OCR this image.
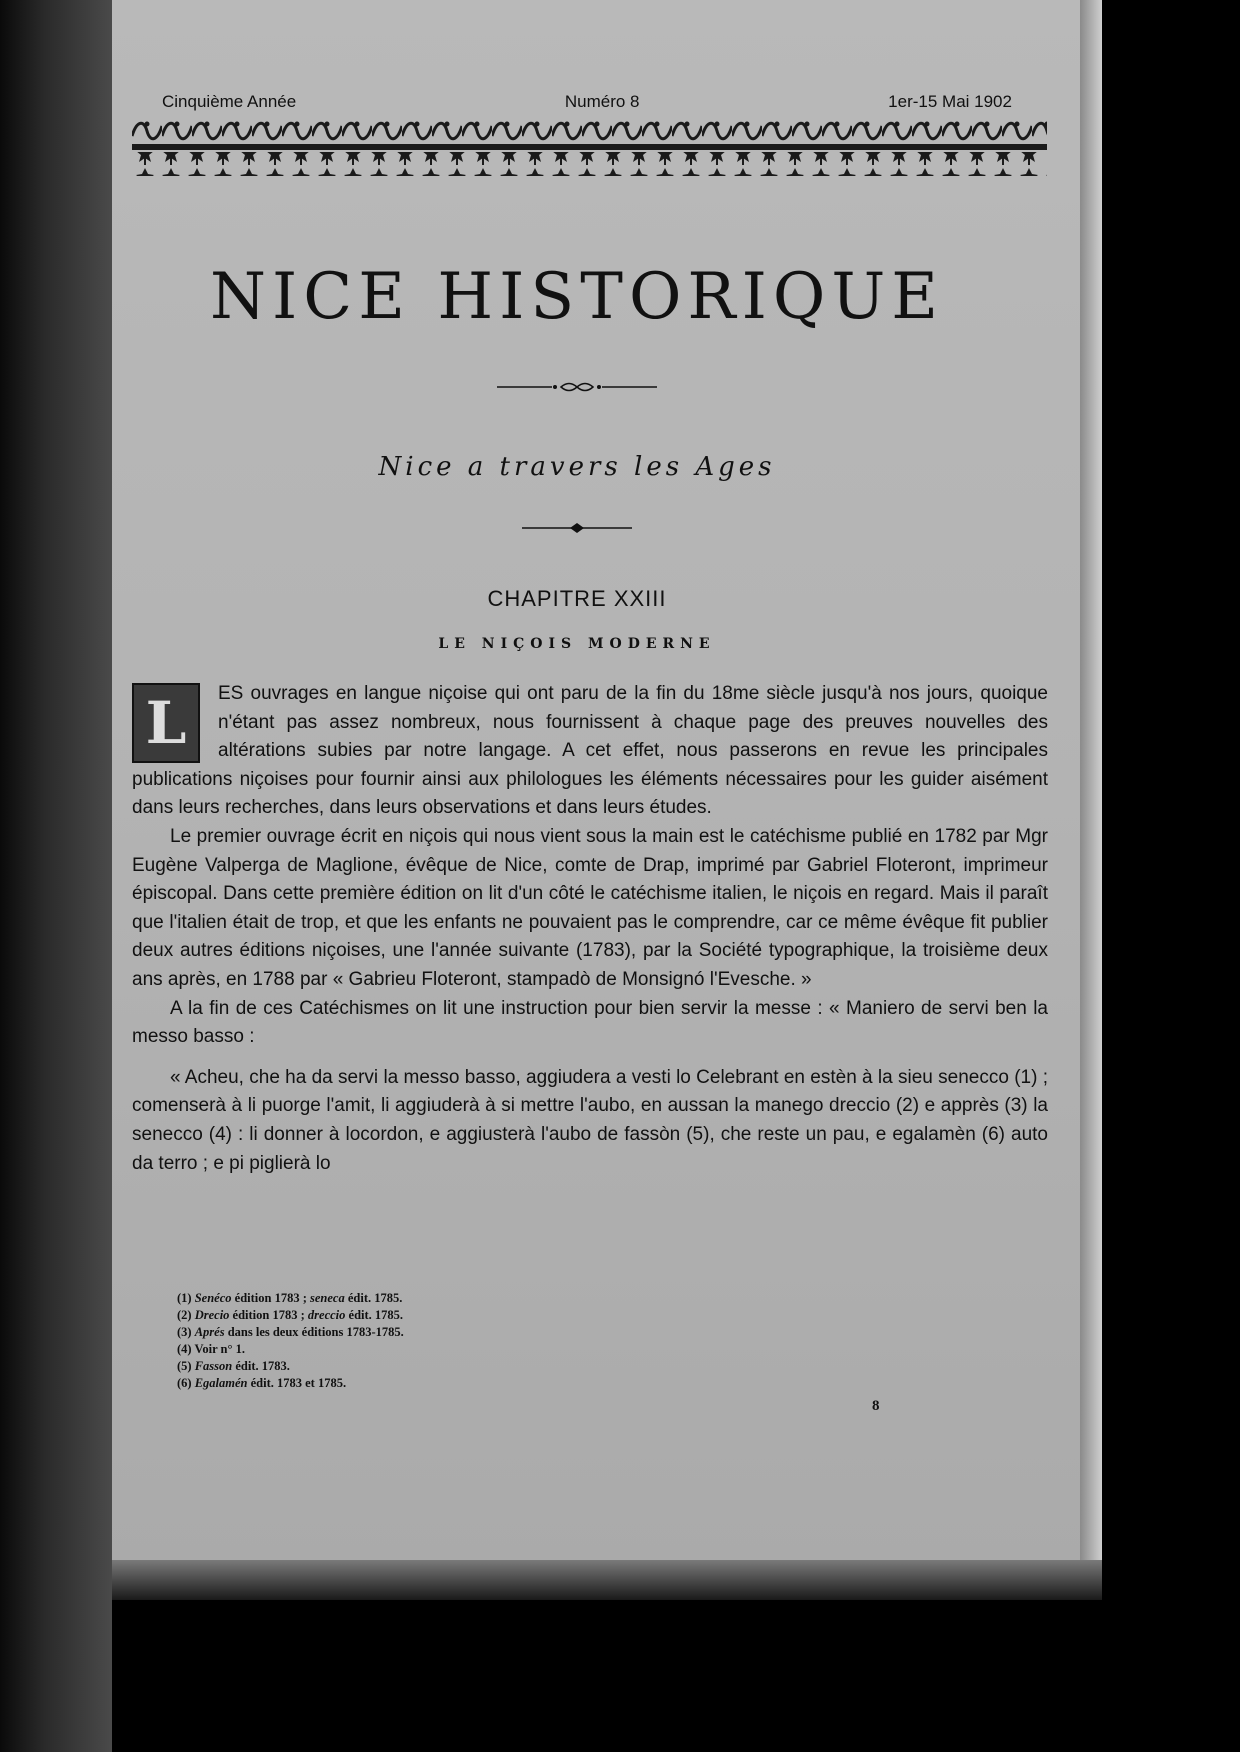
Cinquième Année	Numéro 8	1er-15 Mai 1902
NICE HISTORIQUE
Nice a travers les Ages
CHAPITRE XXIII
LE NIÇOIS MODERNE
L	ES ouvrages en langue niçoise qui ont paru de la fin du 18me siècle jusqu'à nos jours, quoique n'étant pas assez nombreux, nous fournissent à chaque page des preuves nouvelles des altérations subies par notre langage. A cet effet, nous passerons en revue les principales publications niçoises pour fournir ainsi aux philologues les éléments nécessaires pour les guider aisément dans leurs recherches, dans leurs observations et dans leurs études.

Le premier ouvrage écrit en niçois qui nous vient sous la main est le catéchisme publié en 1782 par Mgr Eugène Valperga de Maglione, évêque de Nice, comte de Drap, imprimé par Gabriel Floteront, imprimeur épiscopal. Dans cette première édition on lit d'un côté le catéchisme italien, le niçois en regard. Mais il paraît que l'italien était de trop, et que les enfants ne pouvaient pas le comprendre, car ce même évêque fit publier deux autres éditions niçoises, une l'année suivante (1783), par la Société typographique, la troisième deux ans après, en 1788 par « Gabrieu Floteront, stampadò de Monsignó l'Evesche. »

A la fin de ces Catéchismes on lit une instruction pour bien servir la messe : « Maniero de servi ben la messo basso :

« Acheu, che ha da servi la messo basso, aggiudera a vesti lo Celebrant en estèn à la sieu senecco (1) ; comenserà à li puorge l'amit, li aggiuderà à si mettre l'aubo, en aussan la manego dreccio (2) e apprès (3) la senecco (4) : li donner à locordon, e aggiusterà l'aubo de fassòn (5), che reste un pau, e egalamèn (6) auto da terro ; e pi piglierà lo

(1) Senéco édition 1783 ; seneca édit. 1785.
(2) Drecio édition 1783 ; dreccio édit. 1785.
(3) Aprés dans les deux éditions 1783-1785.
(4) Voir n° 1.
(5) Fasson édit. 1783.
(6) Egalamén édit. 1783 et 1785.
8
